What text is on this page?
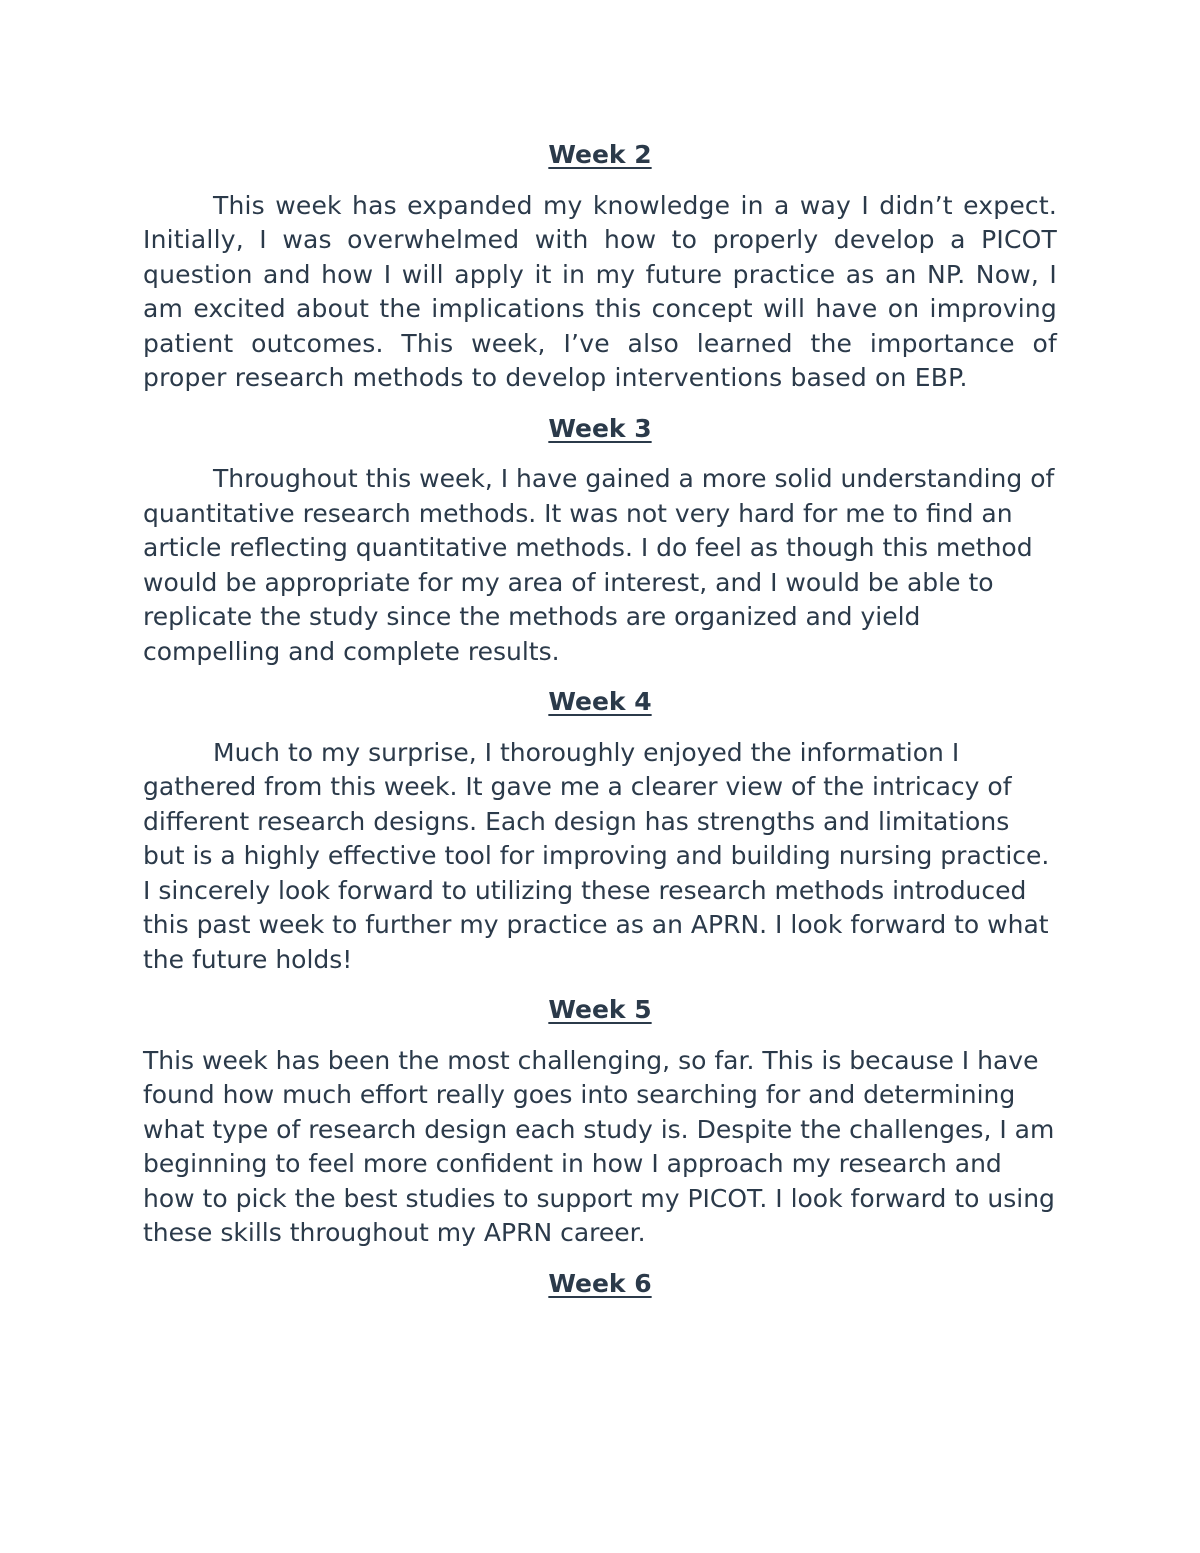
Week 2

This week has expanded my knowledge in a way I didn’t expect. Initially, I was overwhelmed with how to properly develop a PICOT question and how I will apply it in my future practice as an NP. Now, I am excited about the implications this concept will have on improving patient outcomes. This week, I’ve also learned the importance of proper research methods to develop interventions based on EBP.

Week 3

Throughout this week, I have gained a more solid understanding of quantitative research methods. It was not very hard for me to find an article reflecting quantitative methods. I do feel as though this method would be appropriate for my area of interest, and I would be able to replicate the study since the methods are organized and yield compelling and complete results.

Week 4

Much to my surprise, I thoroughly enjoyed the information I gathered from this week. It gave me a clearer view of the intricacy of different research designs. Each design has strengths and limitations but is a highly effective tool for improving and building nursing practice. I sincerely look forward to utilizing these research methods introduced this past week to further my practice as an APRN. I look forward to what the future holds!

Week 5

This week has been the most challenging, so far. This is because I have found how much effort really goes into searching for and determining what type of research design each study is. Despite the challenges, I am beginning to feel more confident in how I approach my research and how to pick the best studies to support my PICOT. I look forward to using these skills throughout my APRN career.

Week 6
